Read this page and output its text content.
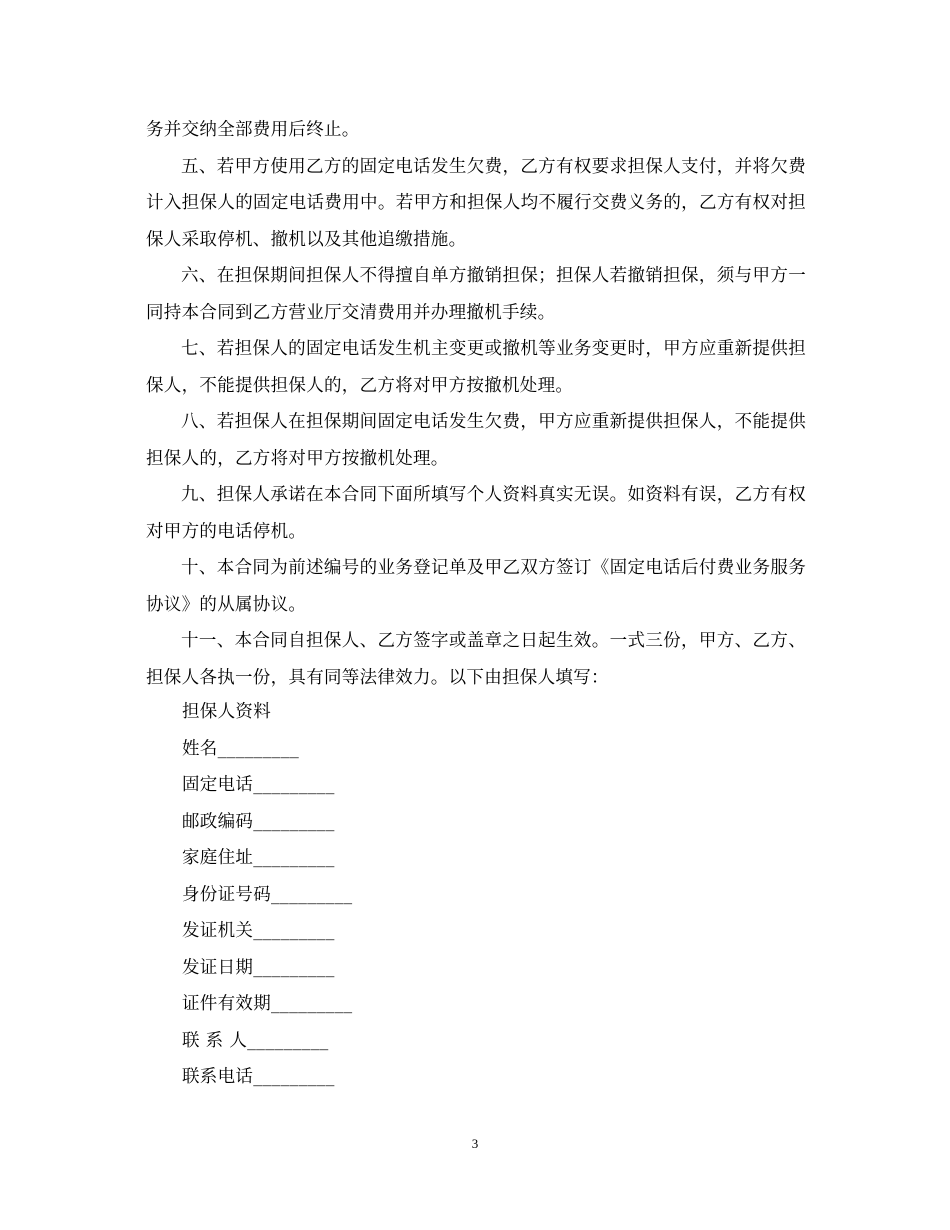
务并交纳全部费用后终止。

五、若甲方使用乙方的固定电话发生欠费，乙方有权要求担保人支付，并将欠费计入担保人的固定电话费用中。若甲方和担保人均不履行交费义务的，乙方有权对担保人采取停机、撤机以及其他追缴措施。

六、在担保期间担保人不得擅自单方撤销担保；担保人若撤销担保，须与甲方一同持本合同到乙方营业厅交清费用并办理撤机手续。

七、若担保人的固定电话发生机主变更或撤机等业务变更时，甲方应重新提供担保人，不能提供担保人的，乙方将对甲方按撤机处理。

八、若担保人在担保期间固定电话发生欠费，甲方应重新提供担保人，不能提供担保人的，乙方将对甲方按撤机处理。

九、担保人承诺在本合同下面所填写个人资料真实无误。如资料有误，乙方有权对甲方的电话停机。

十、本合同为前述编号的业务登记单及甲乙双方签订《固定电话后付费业务服务协议》的从属协议。

十一、本合同自担保人、乙方签字或盖章之日起生效。一式三份，甲方、乙方、担保人各执一份，具有同等法律效力。以下由担保人填写：

担保人资料

姓名_________

固定电话_________

邮政编码_________

家庭住址_________

身份证号码_________

发证机关_________

发证日期_________

证件有效期_________

联 系 人_________

联系电话_________

3
